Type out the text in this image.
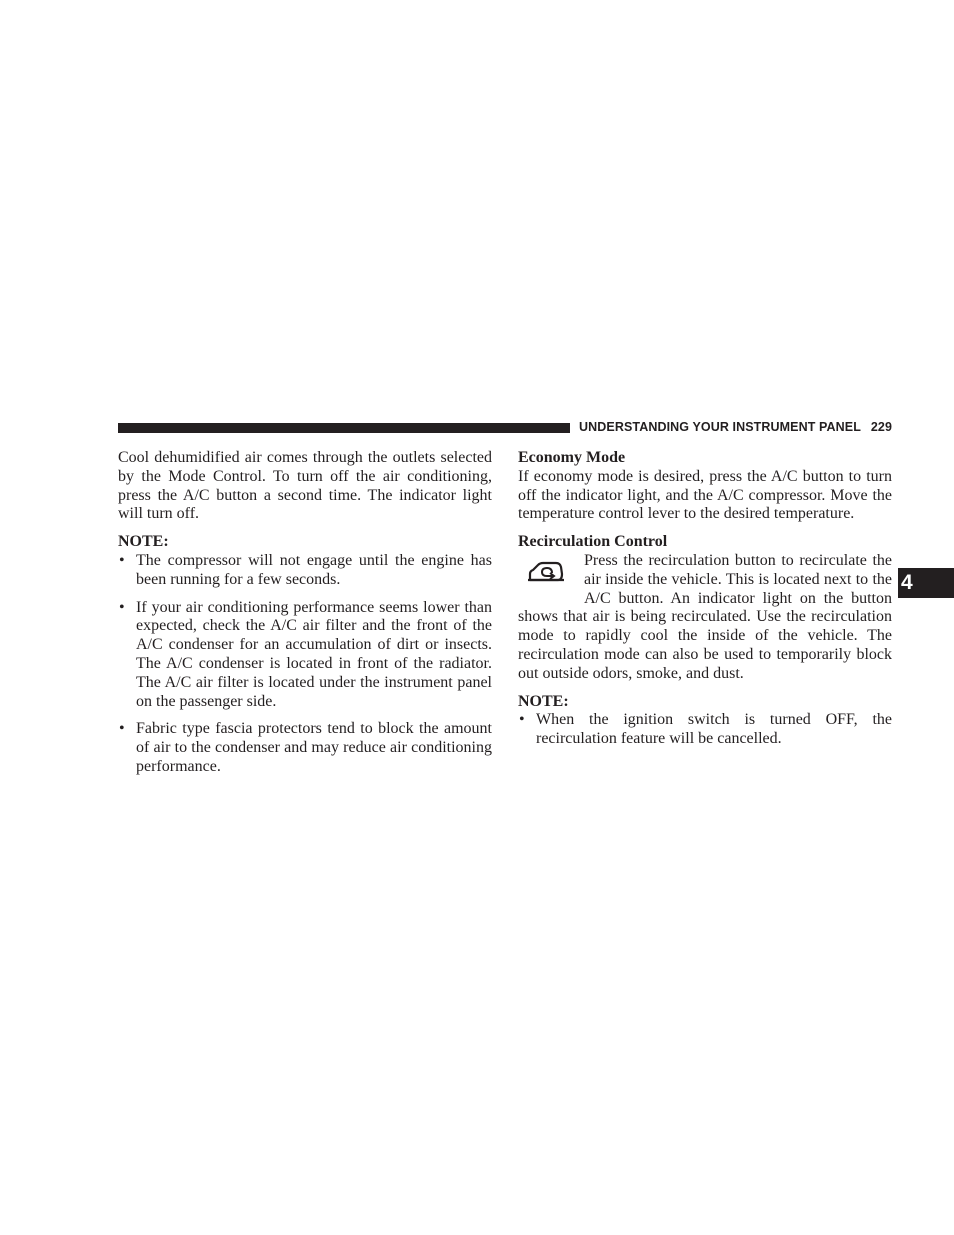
UNDERSTANDING YOUR INSTRUMENT PANEL 229
4

Cool dehumidified air comes through the outlets selected by the Mode Control. To turn off the air conditioning, press the A/C button a second time. The indicator light will turn off.

NOTE:
• The compressor will not engage until the engine has been running for a few seconds.
• If your air conditioning performance seems lower than expected, check the A/C air filter and the front of the A/C condenser for an accumulation of dirt or insects. The A/C condenser is located in front of the radiator. The A/C air filter is located under the instrument panel on the passenger side.
• Fabric type fascia protectors tend to block the amount of air to the condenser and may reduce air conditioning performance.
Economy Mode

If economy mode is desired, press the A/C button to turn off the indicator light, and the A/C compressor. Move the temperature control lever to the desired temperature.

Recirculation Control

Press the recirculation button to recirculate the air inside the vehicle. This is located next to the A/C button. An indicator light on the button shows that air is being recirculated. Use the recirculation mode to rapidly cool the inside of the vehicle. The recirculation mode can also be used to temporarily block out outside odors, smoke, and dust.

NOTE:
• When the ignition switch is turned OFF, the recirculation feature will be cancelled.
